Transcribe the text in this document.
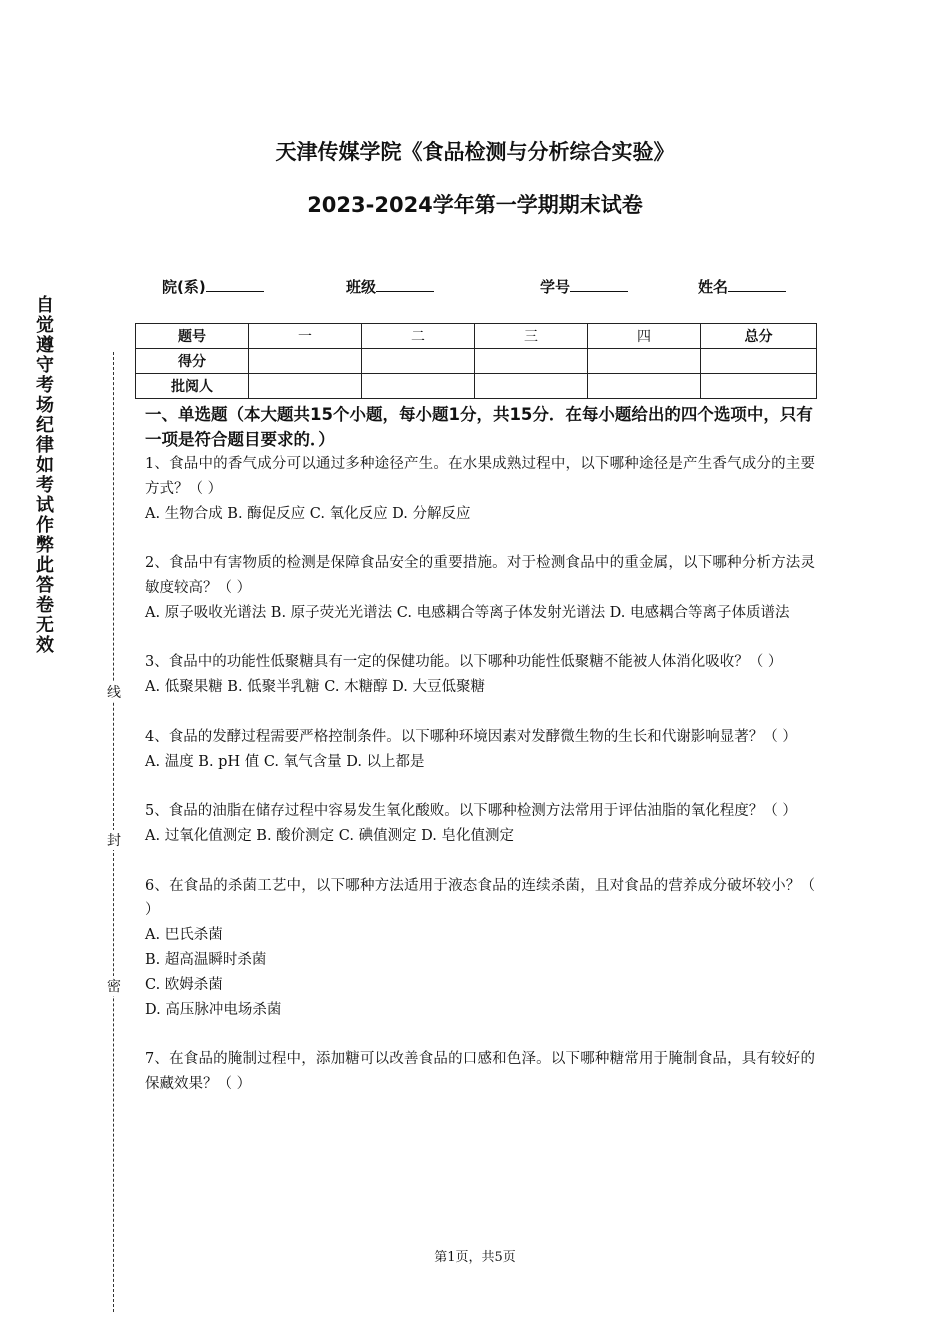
天津传媒学院《食品检测与分析综合实验》
2023-2024学年第一学期期末试卷
自觉遵守考场纪律如考试作弊此答卷无效
线
封
密
院(系)	班级	学号	姓名
题号	一	二	三	四	总分
得分					
批阅人					
一、单选题（本大题共15个小题，每小题1分，共15分．在每小题给出的四个选项中，只有一项是符合题目要求的．）

1、食品中的香气成分可以通过多种途径产生。在水果成熟过程中，以下哪种途径是产生香气成分的主要方式？（ ）

A. 生物合成 B. 酶促反应 C. 氧化反应 D. 分解反应

2、食品中有害物质的检测是保障食品安全的重要措施。对于检测食品中的重金属，以下哪种分析方法灵敏度较高？（ ）

A. 原子吸收光谱法 B. 原子荧光光谱法 C. 电感耦合等离子体发射光谱法 D. 电感耦合等离子体质谱法

3、食品中的功能性低聚糖具有一定的保健功能。以下哪种功能性低聚糖不能被人体消化吸收？（ ）

A. 低聚果糖 B. 低聚半乳糖 C. 木糖醇 D. 大豆低聚糖

4、食品的发酵过程需要严格控制条件。以下哪种环境因素对发酵微生物的生长和代谢影响显著？（ ）

A. 温度 B. pH 值 C. 氧气含量 D. 以上都是

5、食品的油脂在储存过程中容易发生氧化酸败。以下哪种检测方法常用于评估油脂的氧化程度？（ ）

A. 过氧化值测定 B. 酸价测定 C. 碘值测定 D. 皂化值测定

6、在食品的杀菌工艺中，以下哪种方法适用于液态食品的连续杀菌，且对食品的营养成分破坏较小？（ ）

A. 巴氏杀菌

B. 超高温瞬时杀菌

C. 欧姆杀菌

D. 高压脉冲电场杀菌

7、在食品的腌制过程中，添加糖可以改善食品的口感和色泽。以下哪种糖常用于腌制食品，具有较好的保藏效果？（ ）

第1页，共5页
